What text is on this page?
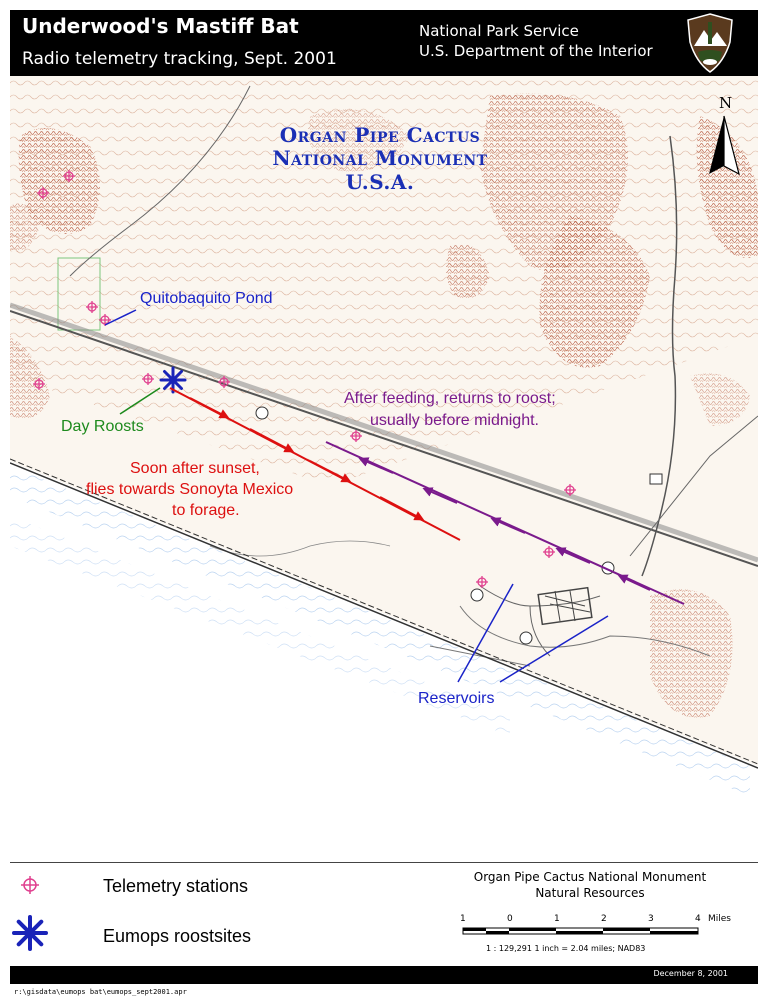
Underwood's Mastiff Bat
Radio telemetry tracking, Sept. 2001
National Park Service
U.S. Department of the Interior
N
Organ Pipe Cactus
National Monument
U.S.A.
Quitobaquito Pond
Day Roosts
Soon after sunset,
flies towards Sonoyta Mexico
to forage.
After feeding, returns to roost;
usually before midnight.
Reservoirs
Telemetry stations
Eumops roostsites
Organ Pipe Cactus National Monument
Natural Resources
1	0	1	2	3	4 Miles
1 : 129,291 1 inch = 2.04 miles; NAD83
December 8, 2001
r:\gisdata\eumops bat\eumops_sept2001.apr
